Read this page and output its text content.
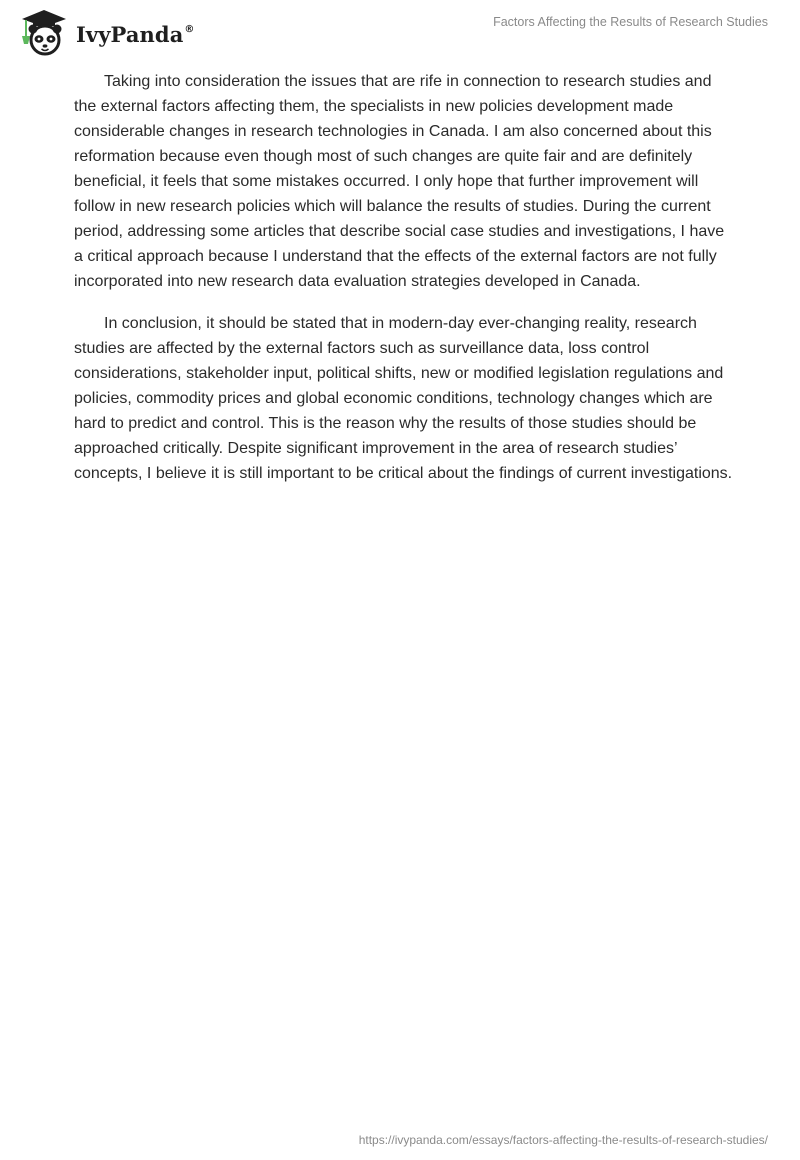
IvyPanda®	Factors Affecting the Results of Research Studies

Taking into consideration the issues that are rife in connection to research studies and the external factors affecting them, the specialists in new policies development made considerable changes in research technologies in Canada. I am also concerned about this reformation because even though most of such changes are quite fair and are definitely beneficial, it feels that some mistakes occurred. I only hope that further improvement will follow in new research policies which will balance the results of studies. During the current period, addressing some articles that describe social case studies and investigations, I have a critical approach because I understand that the effects of the external factors are not fully incorporated into new research data evaluation strategies developed in Canada.

In conclusion, it should be stated that in modern-day ever-changing reality, research studies are affected by the external factors such as surveillance data, loss control considerations, stakeholder input, political shifts, new or modified legislation regulations and policies, commodity prices and global economic conditions, technology changes which are hard to predict and control. This is the reason why the results of those studies should be approached critically. Despite significant improvement in the area of research studies’ concepts, I believe it is still important to be critical about the findings of current investigations.

https://ivypanda.com/essays/factors-affecting-the-results-of-research-studies/
